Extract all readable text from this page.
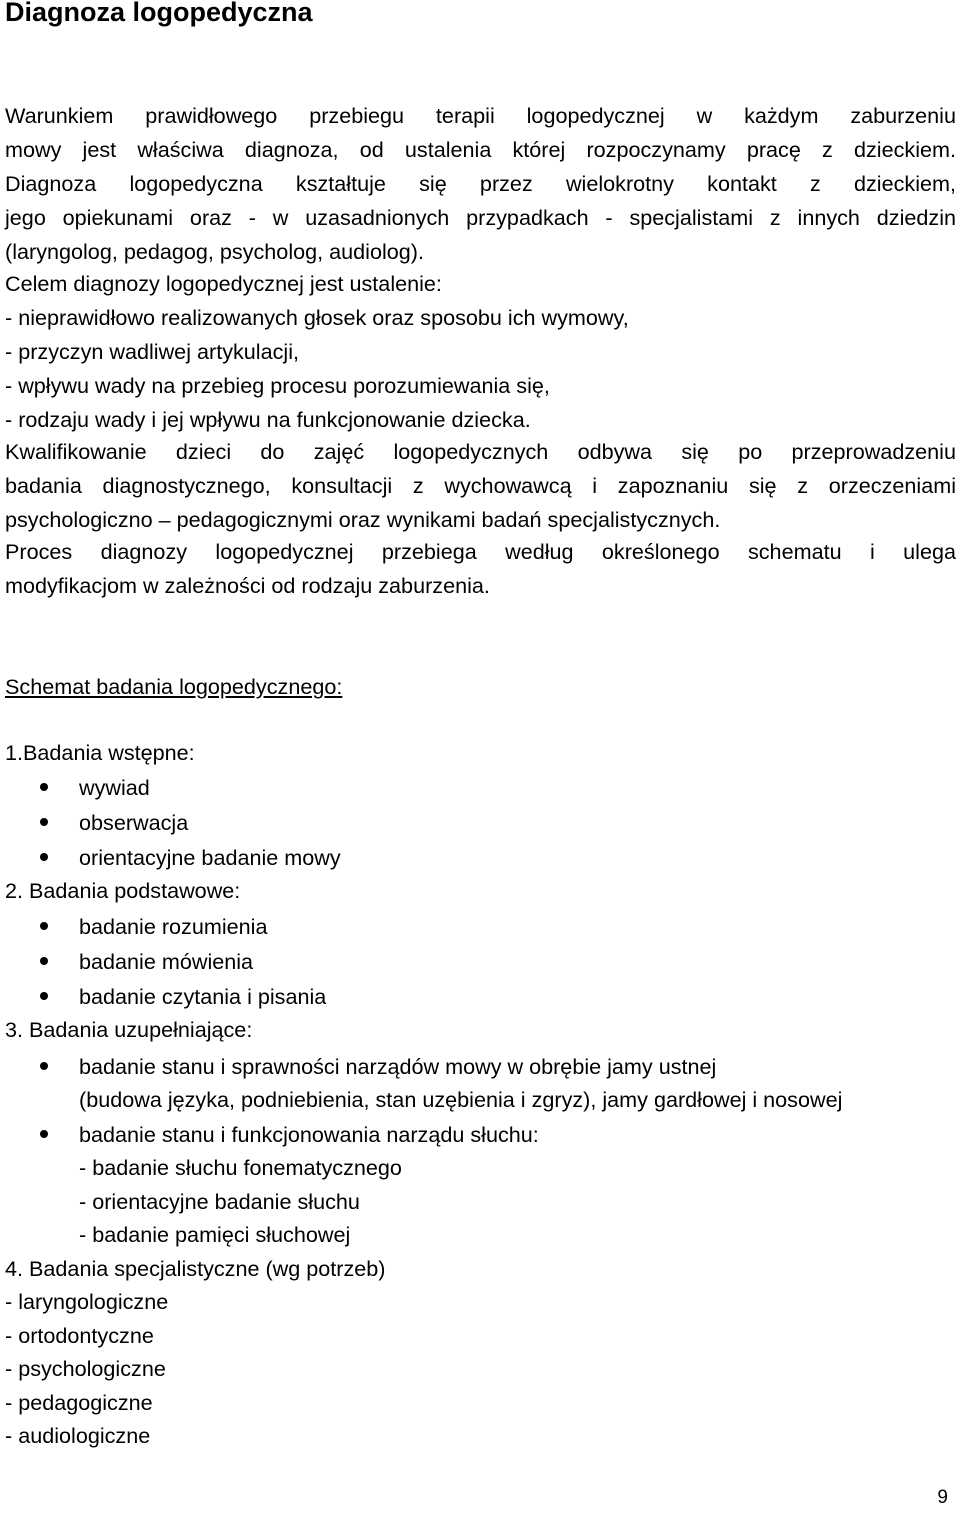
Diagnoza logopedyczna
Warunkiem prawidłowego przebiegu terapii logopedycznej w każdym zaburzeniu
mowy jest właściwa diagnoza, od ustalenia której rozpoczynamy pracę z dzieckiem.
Diagnoza logopedyczna kształtuje się przez wielokrotny kontakt z dzieckiem,
jego opiekunami oraz - w uzasadnionych przypadkach - specjalistami z innych dziedzin
(laryngolog, pedagog, psycholog, audiolog).
Celem diagnozy logopedycznej jest ustalenie:
- nieprawidłowo realizowanych głosek oraz sposobu ich wymowy,
- przyczyn wadliwej artykulacji,
- wpływu wady na przebieg procesu porozumiewania się,
- rodzaju wady i jej wpływu na funkcjonowanie dziecka.
Kwalifikowanie dzieci do zajęć logopedycznych odbywa się po przeprowadzeniu
badania diagnostycznego, konsultacji z wychowawcą i zapoznaniu się z orzeczeniami
psychologiczno – pedagogicznymi oraz wynikami badań specjalistycznych.
Proces diagnozy logopedycznej przebiega według określonego schematu i ulega
modyfikacjom w zależności od rodzaju zaburzenia.
Schemat badania logopedycznego:
1.Badania wstępne:
wywiad
obserwacja
orientacyjne badanie mowy
2. Badania podstawowe:
badanie rozumienia
badanie mówienia
badanie czytania i pisania
3. Badania uzupełniające:
badanie stanu i sprawności narządów mowy w obrębie jamy ustnej
(budowa języka, podniebienia, stan uzębienia i zgryz), jamy gardłowej i nosowej
badanie stanu i funkcjonowania narządu słuchu:
- badanie słuchu fonematycznego
- orientacyjne badanie słuchu
- badanie pamięci słuchowej
4. Badania specjalistyczne (wg potrzeb)
- laryngologiczne
- ortodontyczne
- psychologiczne
- pedagogiczne
- audiologiczne
9
